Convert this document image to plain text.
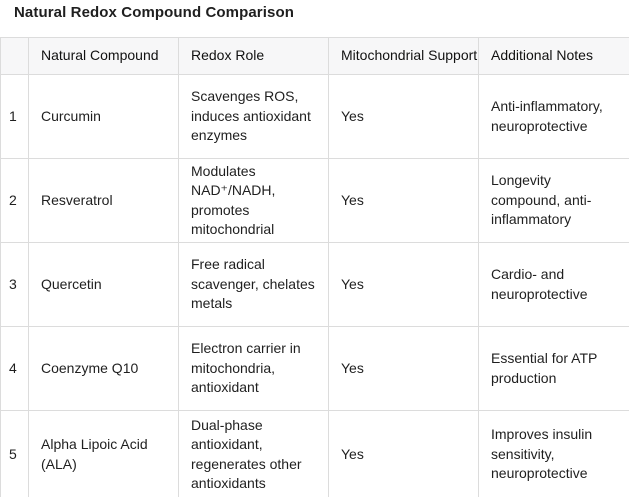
Natural Redox Compound Comparison
	Natural Compound	Redox Role	Mitochondrial Support	Additional Notes
1	Curcumin	Scavenges ROS, induces antioxidant enzymes	Yes	Anti-inflammatory, neuroprotective
2	Resveratrol	Modulates NAD⁺/NADH, promotes mitochondrial	Yes	Longevity compound, anti-inflammatory
3	Quercetin	Free radical scavenger, chelates metals	Yes	Cardio- and neuroprotective
4	Coenzyme Q10	Electron carrier in mitochondria, antioxidant	Yes	Essential for ATP production
5	Alpha Lipoic Acid (ALA)	Dual-phase antioxidant, regenerates other antioxidants	Yes	Improves insulin sensitivity, neuroprotective
